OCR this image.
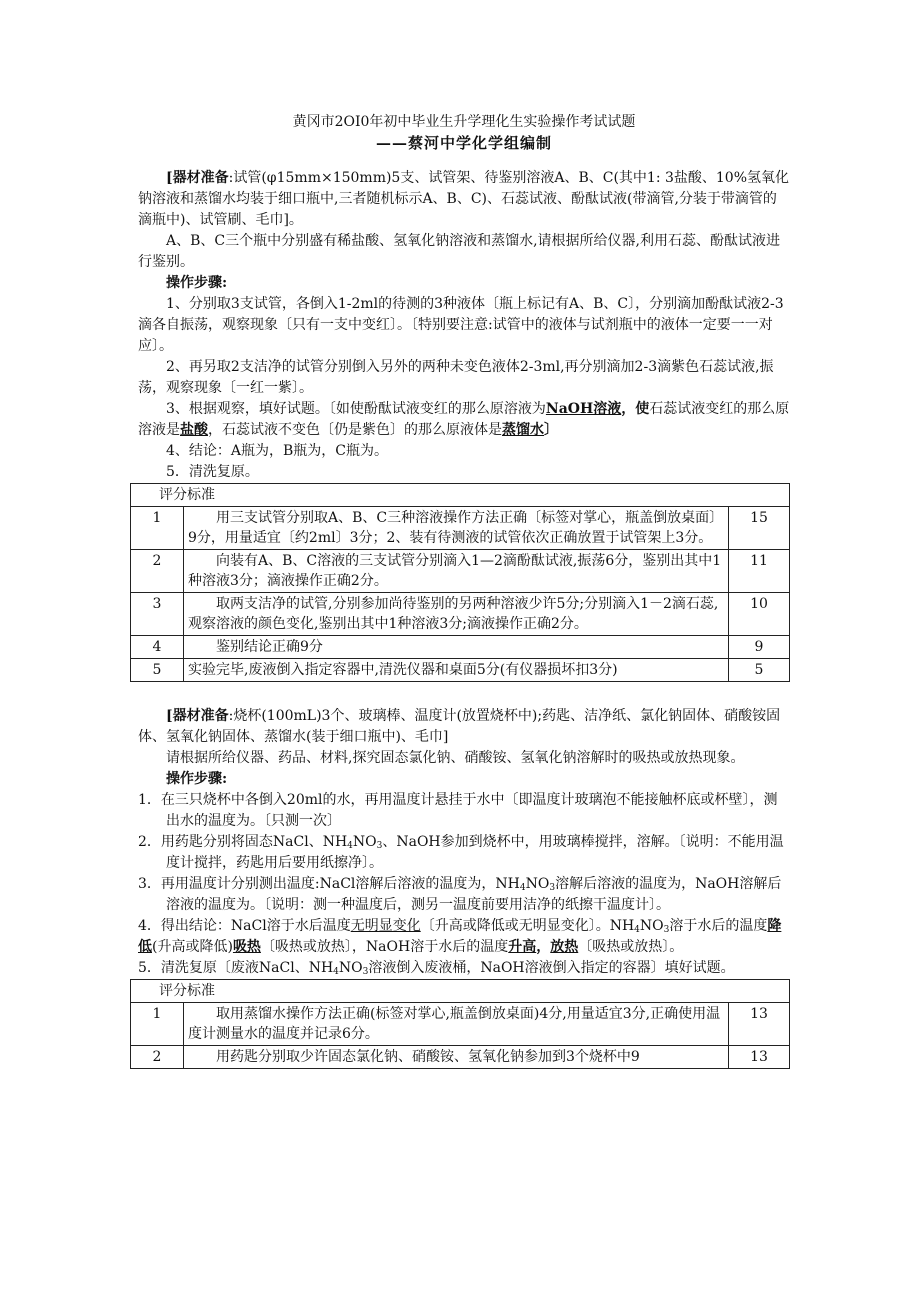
黄冈市2OI0年初中毕业生升学理化生实验操作考试试题

——蔡河中学化学组编制

[器材准备:试管(φ15mm×150mm)5支、试管架、待鉴别溶液A、B、C(其中1: 3盐酸、10%氢氧化钠溶液和蒸馏水均装于细口瓶中,三者随机标示A、B、C)、石蕊试液、酚酞试液(带滴管,分装于带滴管的滴瓶中)、试管刷、毛巾]。

A、B、C三个瓶中分别盛有稀盐酸、氢氧化钠溶液和蒸馏水,请根据所给仪器,利用石蕊、酚酞试液进行鉴别。

操作步骤:

1、分别取3支试管，各倒入1-2ml的待测的3种液体〔瓶上标记有A、B、C〕，分别滴加酚酞试液2-3滴各自振荡，观察现象〔只有一支中变红〕。〔特别要注意:试管中的液体与试剂瓶中的液体一定要一一对应〕。

2、再另取2支洁净的试管分别倒入另外的两种未变色液体2-3ml,再分别滴加2-3滴紫色石蕊试液,振荡，观察现象〔一红一紫〕。

3、根据观察，填好试题。〔如使酚酞试液变红的那么原溶液为NaOH溶液，使石蕊试液变红的那么原溶液是盐酸，石蕊试液不变色〔仍是紫色〕的那么原液体是蒸馏水〕

4、结论：A瓶为，B瓶为，C瓶为。

5．清洗复原。

评分标准		
1	用三支试管分别取A、B、C三种溶液操作方法正确〔标签对掌心，瓶盖倒放桌面〕9分，用量适宜〔约2ml〕3分；2、装有待测液的试管依次正确放置于试管架上3分。	15
2	向装有A、B、C溶液的三支试管分别滴入1—2滴酚酞试液,振荡6分，鉴别出其中1种溶液3分；滴液操作正确2分。	11
3	取两支洁净的试管,分别参加尚待鉴别的另两种溶液少许5分;分别滴入1－2滴石蕊,观察溶液的颜色变化,鉴别出其中1种溶液3分;滴液操作正确2分。	10
4	鉴别结论正确9分	9
5	实验完毕,废液倒入指定容器中,清洗仪器和桌面5分(有仪器损坏扣3分)	5

[器材准备:烧杯(100mL)3个、玻璃棒、温度计(放置烧杯中);药匙、洁净纸、氯化钠固体、硝酸铵固体、氢氧化钠固体、蒸馏水(装于细口瓶中)、毛巾]

请根据所给仪器、药品、材料,探究固态氯化钠、硝酸铵、氢氧化钠溶解时的吸热或放热现象。

操作步骤:

1．在三只烧杯中各倒入20ml的水，再用温度计悬挂于水中〔即温度计玻璃泡不能接触杯底或杯壁〕，测出水的温度为。〔只测一次〕

2．用药匙分别将固态NaCl、$NH_4NO_3$、NaOH参加到烧杯中，用玻璃棒搅拌，溶解。〔说明：不能用温度计搅拌，药匙用后要用纸擦净〕。

3．再用温度计分别测出温度:NaCl溶解后溶液的温度为，$NH_4NO_3$溶解后溶液的温度为，NaOH溶解后溶液的温度为。〔说明：测一种温度后，测另一温度前要用洁净的纸擦干温度计〕。

4．得出结论：NaCl溶于水后温度无明显变化〔升高或降低或无明显变化〕。$NH_4NO_3$溶于水后的温度降低(升高或降低)吸热〔吸热或放热〕，NaOH溶于水后的温度升高，放热〔吸热或放热〕。

5．清洗复原〔废液NaCl、$NH_4NO_3$溶液倒入废液桶，NaOH溶液倒入指定的容器〕填好试题。

评分标准		
1	取用蒸馏水操作方法正确(标签对掌心,瓶盖倒放桌面)4分,用量适宜3分,正确使用温度计测量水的温度并记录6分。	13
2	用药匙分别取少许固态氯化钠、硝酸铵、氢氧化钠参加到3个烧杯中9	13
